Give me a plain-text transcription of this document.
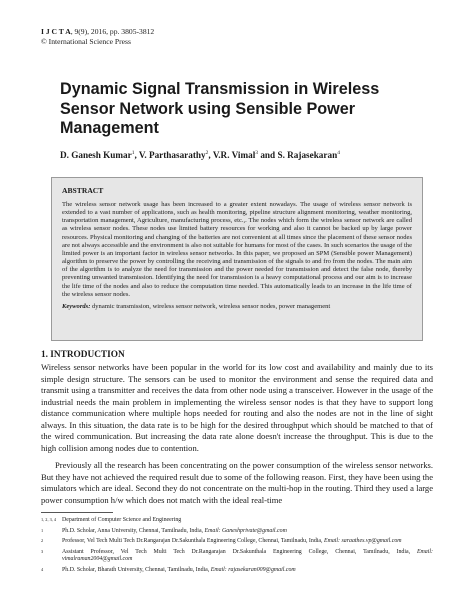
I J C T A, 9(9), 2016, pp. 3805-3812
© International Science Press
Dynamic Signal Transmission in Wireless
Sensor Network using Sensible Power
Management
D. Ganesh Kumar$^1$, V. Parthasarathy$^2$, V.R. Vimal$^3$ and S. Rajasekaran$^4$

ABSTRACT

The wireless sensor network usage has been increased to a greater extent nowadays. The usage of wireless sensor network is extended to a vast number of applications, such as health monitoring, pipeline structure alignment monitoring, weather monitoring, transportation management, Agriculture, manufacturing process, etc.,. The nodes which form the wireless sensor network are called as wireless sensor nodes. These nodes use limited battery resources for working and also it cannot be backed up by large power resources. Physical monitoring and changing of the batteries are not convenient at all times since the placement of these sensor nodes are not always accessible and the environment is also not suitable for humans for most of the cases. In such scenarios the usage of the limited power is an important factor in wireless sensor networks. In this paper, we proposed an SPM (Sensible power Management) algorithm to preserve the power by controlling the receiving and transmission of the signals to and fro from the nodes. The main aim of the algorithm is to analyze the need for transmission and the power needed for transmission and detect the false node, thereby preventing unwanted transmission. Identifying the need for transmission is a heavy computational process and our aim is to increase the life time of the nodes and also to reduce the computation time needed. This automatically leads to an increase in the life time of the wireless sensor nodes.

Keywords: dynamic transmission, wireless sensor network, wireless sensor nodes, power management

1. INTRODUCTION

Wireless sensor networks have been popular in the world for its low cost and availability and mainly due to its simple design structure. The sensors can be used to monitor the environment and sense the required data and transmit using a transmitter and receives the data from other node using a transceiver. However in the usage of the industrial needs the main problem in implementing the wireless sensor nodes is that they have to support long distance communication where multiple hops needed for routing and also the nodes are not in the line of sight always. In this situation, the data rate is to be high for the desired throughput which should be matched to that of the wired communication. But increasing the data rate alone doesn't increase the throughput. This is due to the high collision among nodes due to contention.

Previously all the research has been concentrating on the power consumption of the wireless sensor networks. But they have not achieved the required result due to some of the following reason. First, they have been using the simulators which are ideal. Second they do not concentrate on the multi-hop in the routing. Third they used a large power consumption h/w which does not match with the ideal real-time

1, 2, 3, 4 Department of Computer Science and Engineering

1	Ph.D. Scholar, Anna University, Chennai, Tamilnadu, India, Email: Ganeshprivate@gmail.com

2	Professor, Vel Tech Multi Tech Dr.Rangarajan Dr.Sakunthala Engineering College, Chennai, Tamilnadu, India, Email: saraathes.vp@gmail.com

3	Assistant Professor, Vel Tech Multi Tech Dr.Rangarajan Dr.Sakunthala Engineering College, Chennai, Tamilnadu, India, Email: vimalraman2004@gmail.com

4	Ph.D. Scholar, Bharath University, Chennai, Tamilnadu, India, Email: rajasekaran009@gmail.com
